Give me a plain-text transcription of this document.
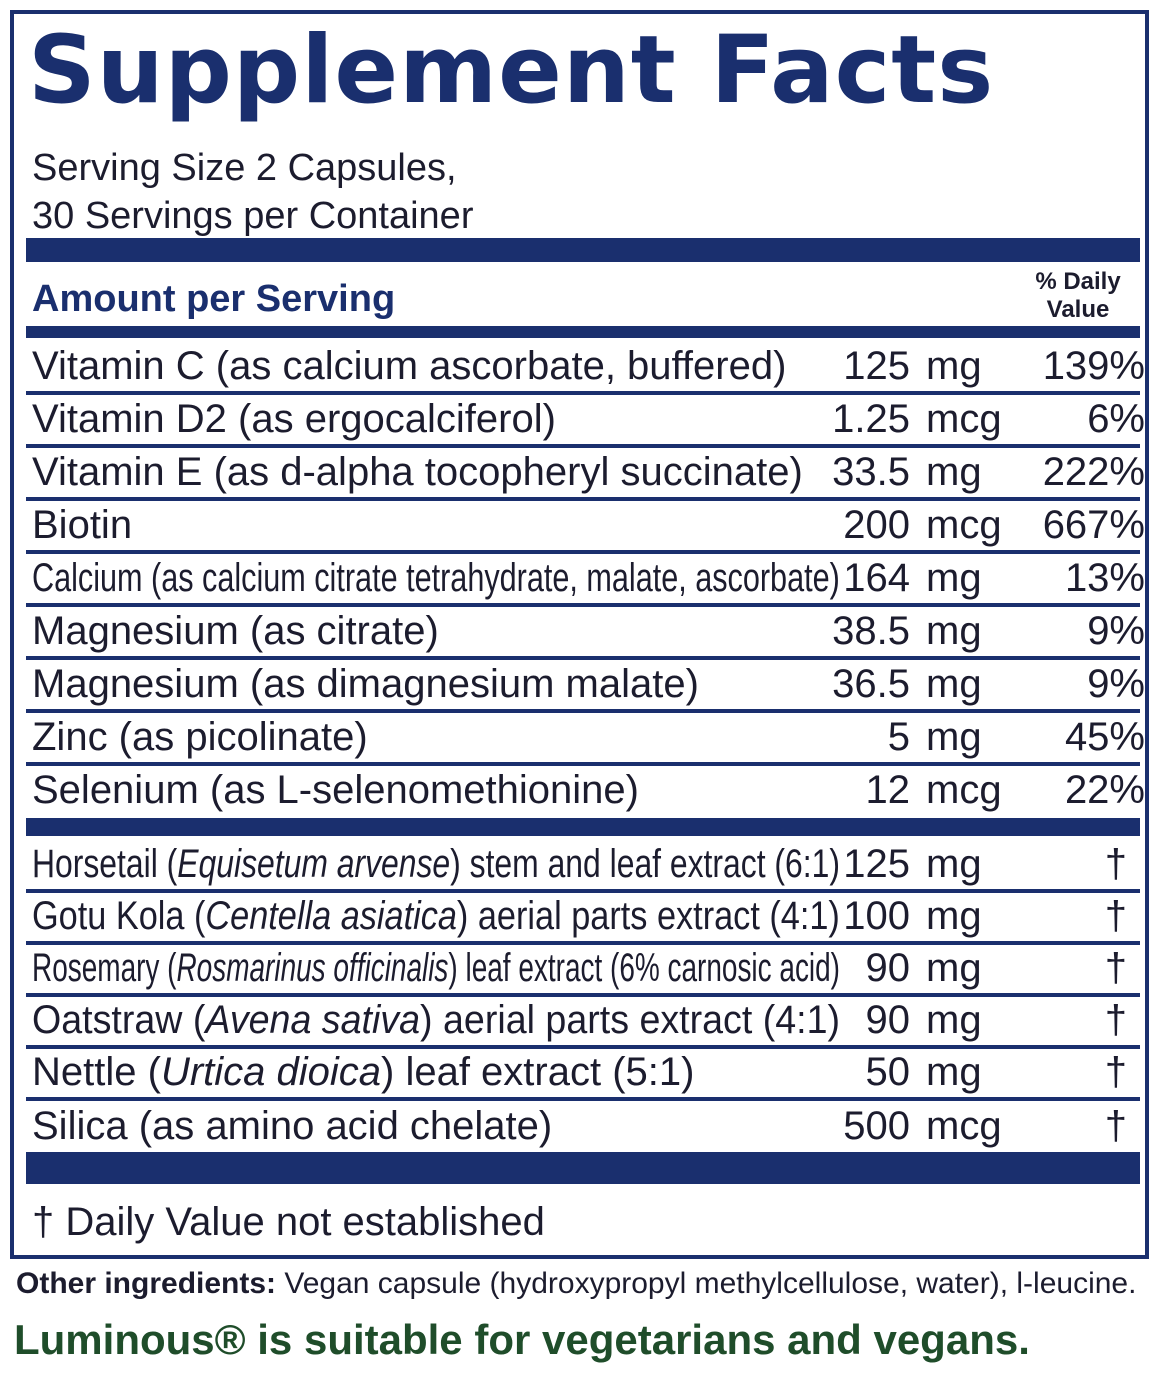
Supplement Facts
Serving Size 2 Capsules,
30 Servings per Container
Amount per Serving	% Daily
Value
Vitamin C (as calcium ascorbate, buffered) 125 mg 139%
Vitamin D2 (as ergocalciferol)	1.25 mcg 6%
Vitamin E (as d-alpha tocopheryl succinate) 33.5 mg 222%
Biotin	200 mcg 667%
Calcium (as calcium citrate tetrahydrate, malate, ascorbate) 164 mg 13%
Magnesium (as citrate)	38.5 mg	9%
Magnesium (as dimagnesium malate)	36.5 mg	9%
Zinc (as picolinate)	5 mg 45%
Selenium (as L-selenomethionine)	12 mcg 22%
Horsetail (Equisetum arvense) stem and leaf extract (6:1) 125 mg	†
Gotu Kola (Centella asiatica) aerial parts extract (4:1) 100 mg	†
Rosemary (Rosmarinus officinalis) leaf extract (6% carnosic acid) 90 mg	†
Oatstraw (Avena sativa) aerial parts extract (4:1) 90 mg	†
Nettle (Urtica dioica) leaf extract (5:1)	50 mg	†
Silica (as amino acid chelate)	500 mcg	†
† Daily Value not established
Other ingredients: Vegan capsule (hydroxypropyl methylcellulose, water), l-leucine.
Luminous® is suitable for vegetarians and vegans.
